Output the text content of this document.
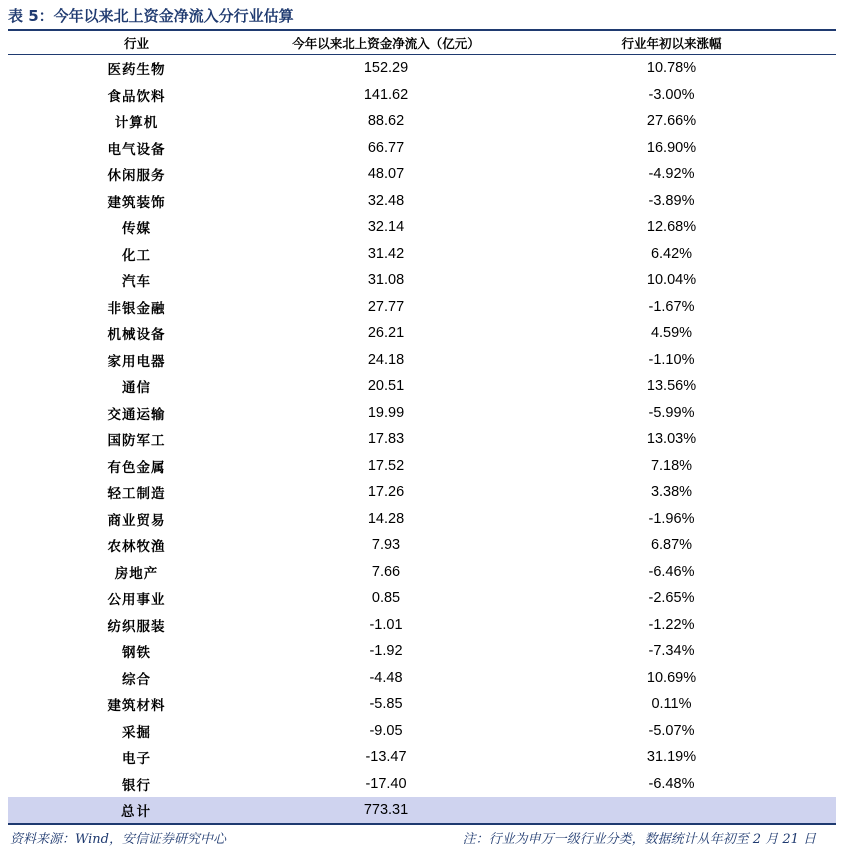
表 5：今年以来北上资金净流入分行业估算
行业	今年以来北上资金净流入（亿元）	行业年初以来涨幅
医药生物	152.29	10.78%
食品饮料	141.62	-3.00%
计算机	88.62	27.66%
电气设备	66.77	16.90%
休闲服务	48.07	-4.92%
建筑装饰	32.48	-3.89%
传媒	32.14	12.68%
化工	31.42	6.42%
汽车	31.08	10.04%
非银金融	27.77	-1.67%
机械设备	26.21	4.59%
家用电器	24.18	-1.10%
通信	20.51	13.56%
交通运输	19.99	-5.99%
国防军工	17.83	13.03%
有色金属	17.52	7.18%
轻工制造	17.26	3.38%
商业贸易	14.28	-1.96%
农林牧渔	7.93	6.87%
房地产	7.66	-6.46%
公用事业	0.85	-2.65%
纺织服装	-1.01	-1.22%
钢铁	-1.92	-7.34%
综合	-4.48	10.69%
建筑材料	-5.85	0.11%
采掘	-9.05	-5.07%
电子	-13.47	31.19%
银行	-17.40	-6.48%
总计	773.31
资料来源：Wind，安信证券研究中心	注：行业为申万一级行业分类，数据统计从年初至 2 月 21 日
